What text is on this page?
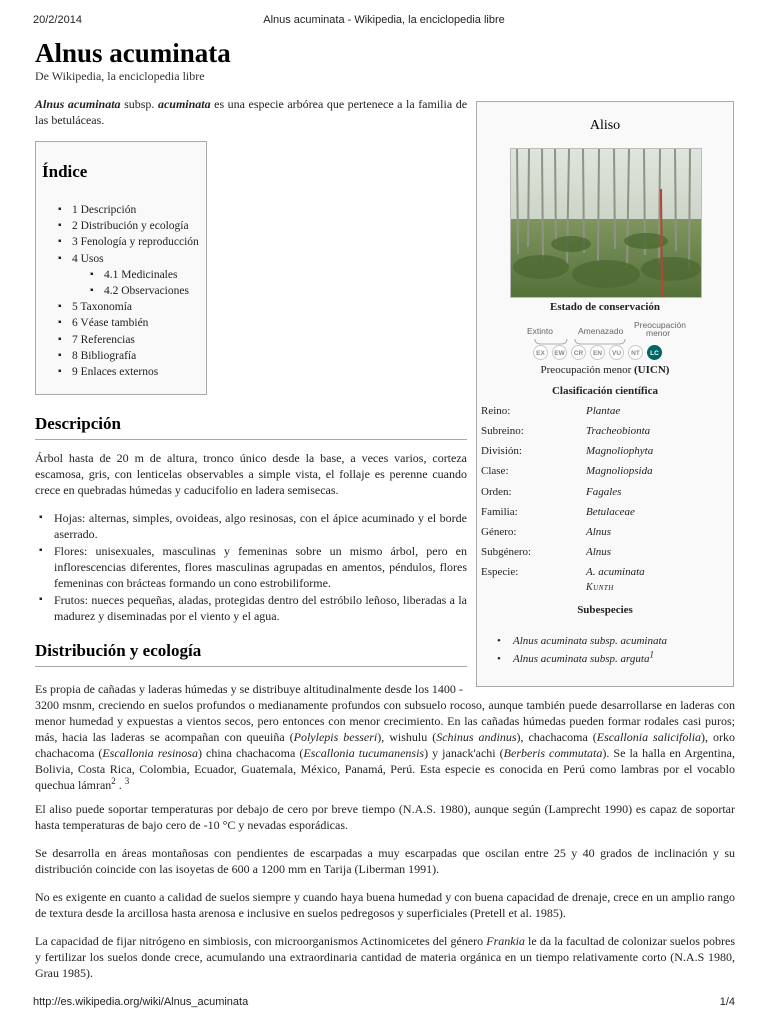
20/2/2014	Alnus acuminata - Wikipedia, la enciclopedia libre
Alnus acuminata
De Wikipedia, la enciclopedia libre
Alnus acuminata subsp. acuminata es una especie arbórea que pertenece a la familia de las betuláceas.
Índice
▪ 1 Descripción
▪ 2 Distribución y ecología
▪ 3 Fenología y reproducción
▪ 4 Usos
▪ 4.1 Medicinales
▪ 4.2 Observaciones
▪ 5 Taxonomía
▪ 6 Véase también
▪ 7 Referencias
▪ 8 Bibliografía
▪ 9 Enlaces externos
Descripción
Árbol hasta de 20 m de altura, tronco único desde la base, a veces varios, corteza escamosa, gris, con lenticelas observables a simple vista, el follaje es perenne cuando crece en quebradas húmedas y caducifolio en ladera semisecas.
▪ Hojas: alternas, simples, ovoideas, algo resinosas, con el ápice acuminado y el borde aserrado.
▪ Flores: unisexuales, masculinas y femeninas sobre un mismo árbol, pero en inflorescencias diferentes, flores masculinas agrupadas en amentos, péndulos, flores femeninas con brácteas formando un cono estrobiliforme.
▪ Frutos: nueces pequeñas, aladas, protegidas dentro del estróbilo leñoso, liberadas a la madurez y diseminadas por el viento y el agua.
Distribución y ecología
Es propia de cañadas y laderas húmedas y se distribuye altitudinalmente desde los 1400 -
3200 msnm, creciendo en suelos profundos o medianamente profundos con subsuelo rocoso, aunque también puede desarrollarse en laderas con menor humedad y expuestas a vientos secos, pero entonces con menor crecimiento. En las cañadas húmedas pueden formar rodales casi puros; más, hacia las laderas se acompañan con queuiña (Polylepis besseri), wishulu (Schinus andinus), chachacoma (Escallonia salicifolia), orko chachacoma (Escallonia resinosa) china chachacoma (Escallonia tucumanensis) y janack'achi (Berberis commutata). Se la halla en Argentina, Bolivia, Costa Rica, Colombia, Ecuador, Guatemala, México, Panamá, Perú. Esta especie es conocida en Perú como lambras por el vocablo quechua lámran$^2$ . $^3$
El aliso puede soportar temperaturas por debajo de cero por breve tiempo (N.A.S. 1980), aunque según (Lamprecht 1990) es capaz de soportar hasta temperaturas de bajo cero de -10 °C y nevadas esporádicas.
Se desarrolla en áreas montañosas con pendientes de escarpadas a muy escarpadas que oscilan entre 25 y 40 grados de inclinación y su distribución coincide con las isoyetas de 600 a 1200 mm en Tarija (Liberman 1991).
No es exigente en cuanto a calidad de suelos siempre y cuando haya buena humedad y con buena capacidad de drenaje, crece en un amplio rango de textura desde la arcillosa hasta arenosa e inclusive en suelos pedregosos y superficiales (Pretell et al. 1985).
La capacidad de fijar nitrógeno en simbiosis, con microorganismos Actinomicetes del género Frankia le da la facultad de colonizar suelos pobres y fertilizar los suelos donde crece, acumulando una extraordinaria cantidad de materia orgánica en un tiempo relativamente corto (N.A.S 1980, Grau 1985).
Aliso
Estado de conservación
Extinto	Amenazado
Preocupación
menor
EX	EW	CR	EN	VU	NT	LC
Preocupación menor (UICN)
Clasificación científica
Reino:	Plantae
Subreino:	Tracheobionta
División:	Magnoliophyta
Clase:	Magnoliopsida
Orden:	Fagales
Familia:	Betulaceae
Género:	Alnus
Subgénero:	Alnus
Especie:	A. acuminata
Kunth
Subespecies
• Alnus acuminata subsp. acuminata
• Alnus acuminata subsp. arguta$^1$
http://es.wikipedia.org/wiki/Alnus_acuminata	1/4
